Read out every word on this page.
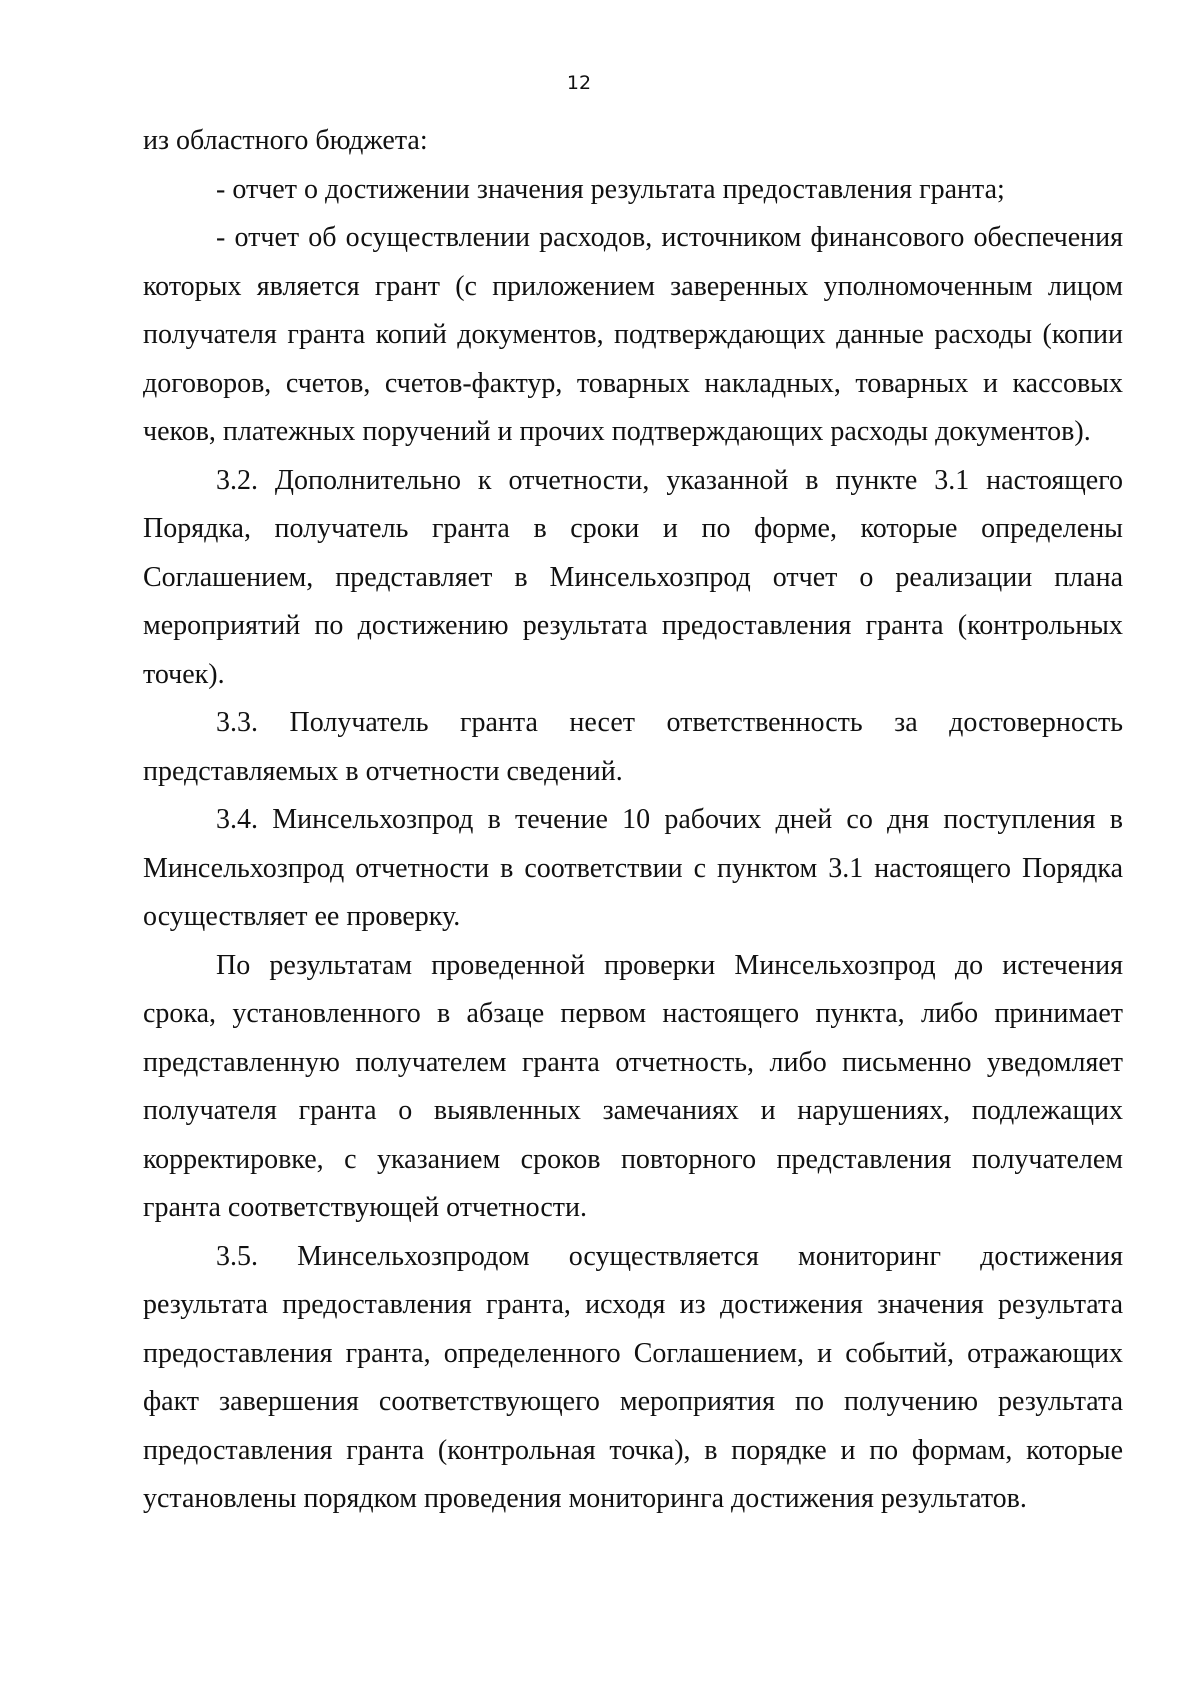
12

из областного бюджета:

- отчет о достижении значения результата предоставления гранта;

- отчет об осуществлении расходов, источником финансового обеспечения которых является грант (с приложением заверенных уполномоченным лицом получателя гранта копий документов, подтверждающих данные расходы (копии договоров, счетов, счетов-фактур, товарных накладных, товарных и кассовых чеков, платежных поручений и прочих подтверждающих расходы документов).

3.2. Дополнительно к отчетности, указанной в пункте 3.1 настоящего Порядка, получатель гранта в сроки и по форме, которые определены Соглашением, представляет в Минсельхозпрод отчет о реализации плана мероприятий по достижению результата предоставления гранта (контрольных точек).

3.3. Получатель гранта несет ответственность за достоверность представляемых в отчетности сведений.

3.4. Минсельхозпрод в течение 10 рабочих дней со дня поступления в Минсельхозпрод отчетности в соответствии с пунктом 3.1 настоящего Порядка осуществляет ее проверку.

По результатам проведенной проверки Минсельхозпрод до истечения срока, установленного в абзаце первом настоящего пункта, либо принимает представленную получателем гранта отчетность, либо письменно уведомляет получателя гранта о выявленных замечаниях и нарушениях, подлежащих корректировке, с указанием сроков повторного представления получателем гранта соответствующей отчетности.

3.5. Минсельхозпродом осуществляется мониторинг достижения результата предоставления гранта, исходя из достижения значения результата предоставления гранта, определенного Соглашением, и событий, отражающих факт завершения соответствующего мероприятия по получению результата предоставления гранта (контрольная точка), в порядке и по формам, которые установлены порядком проведения мониторинга достижения результатов.
